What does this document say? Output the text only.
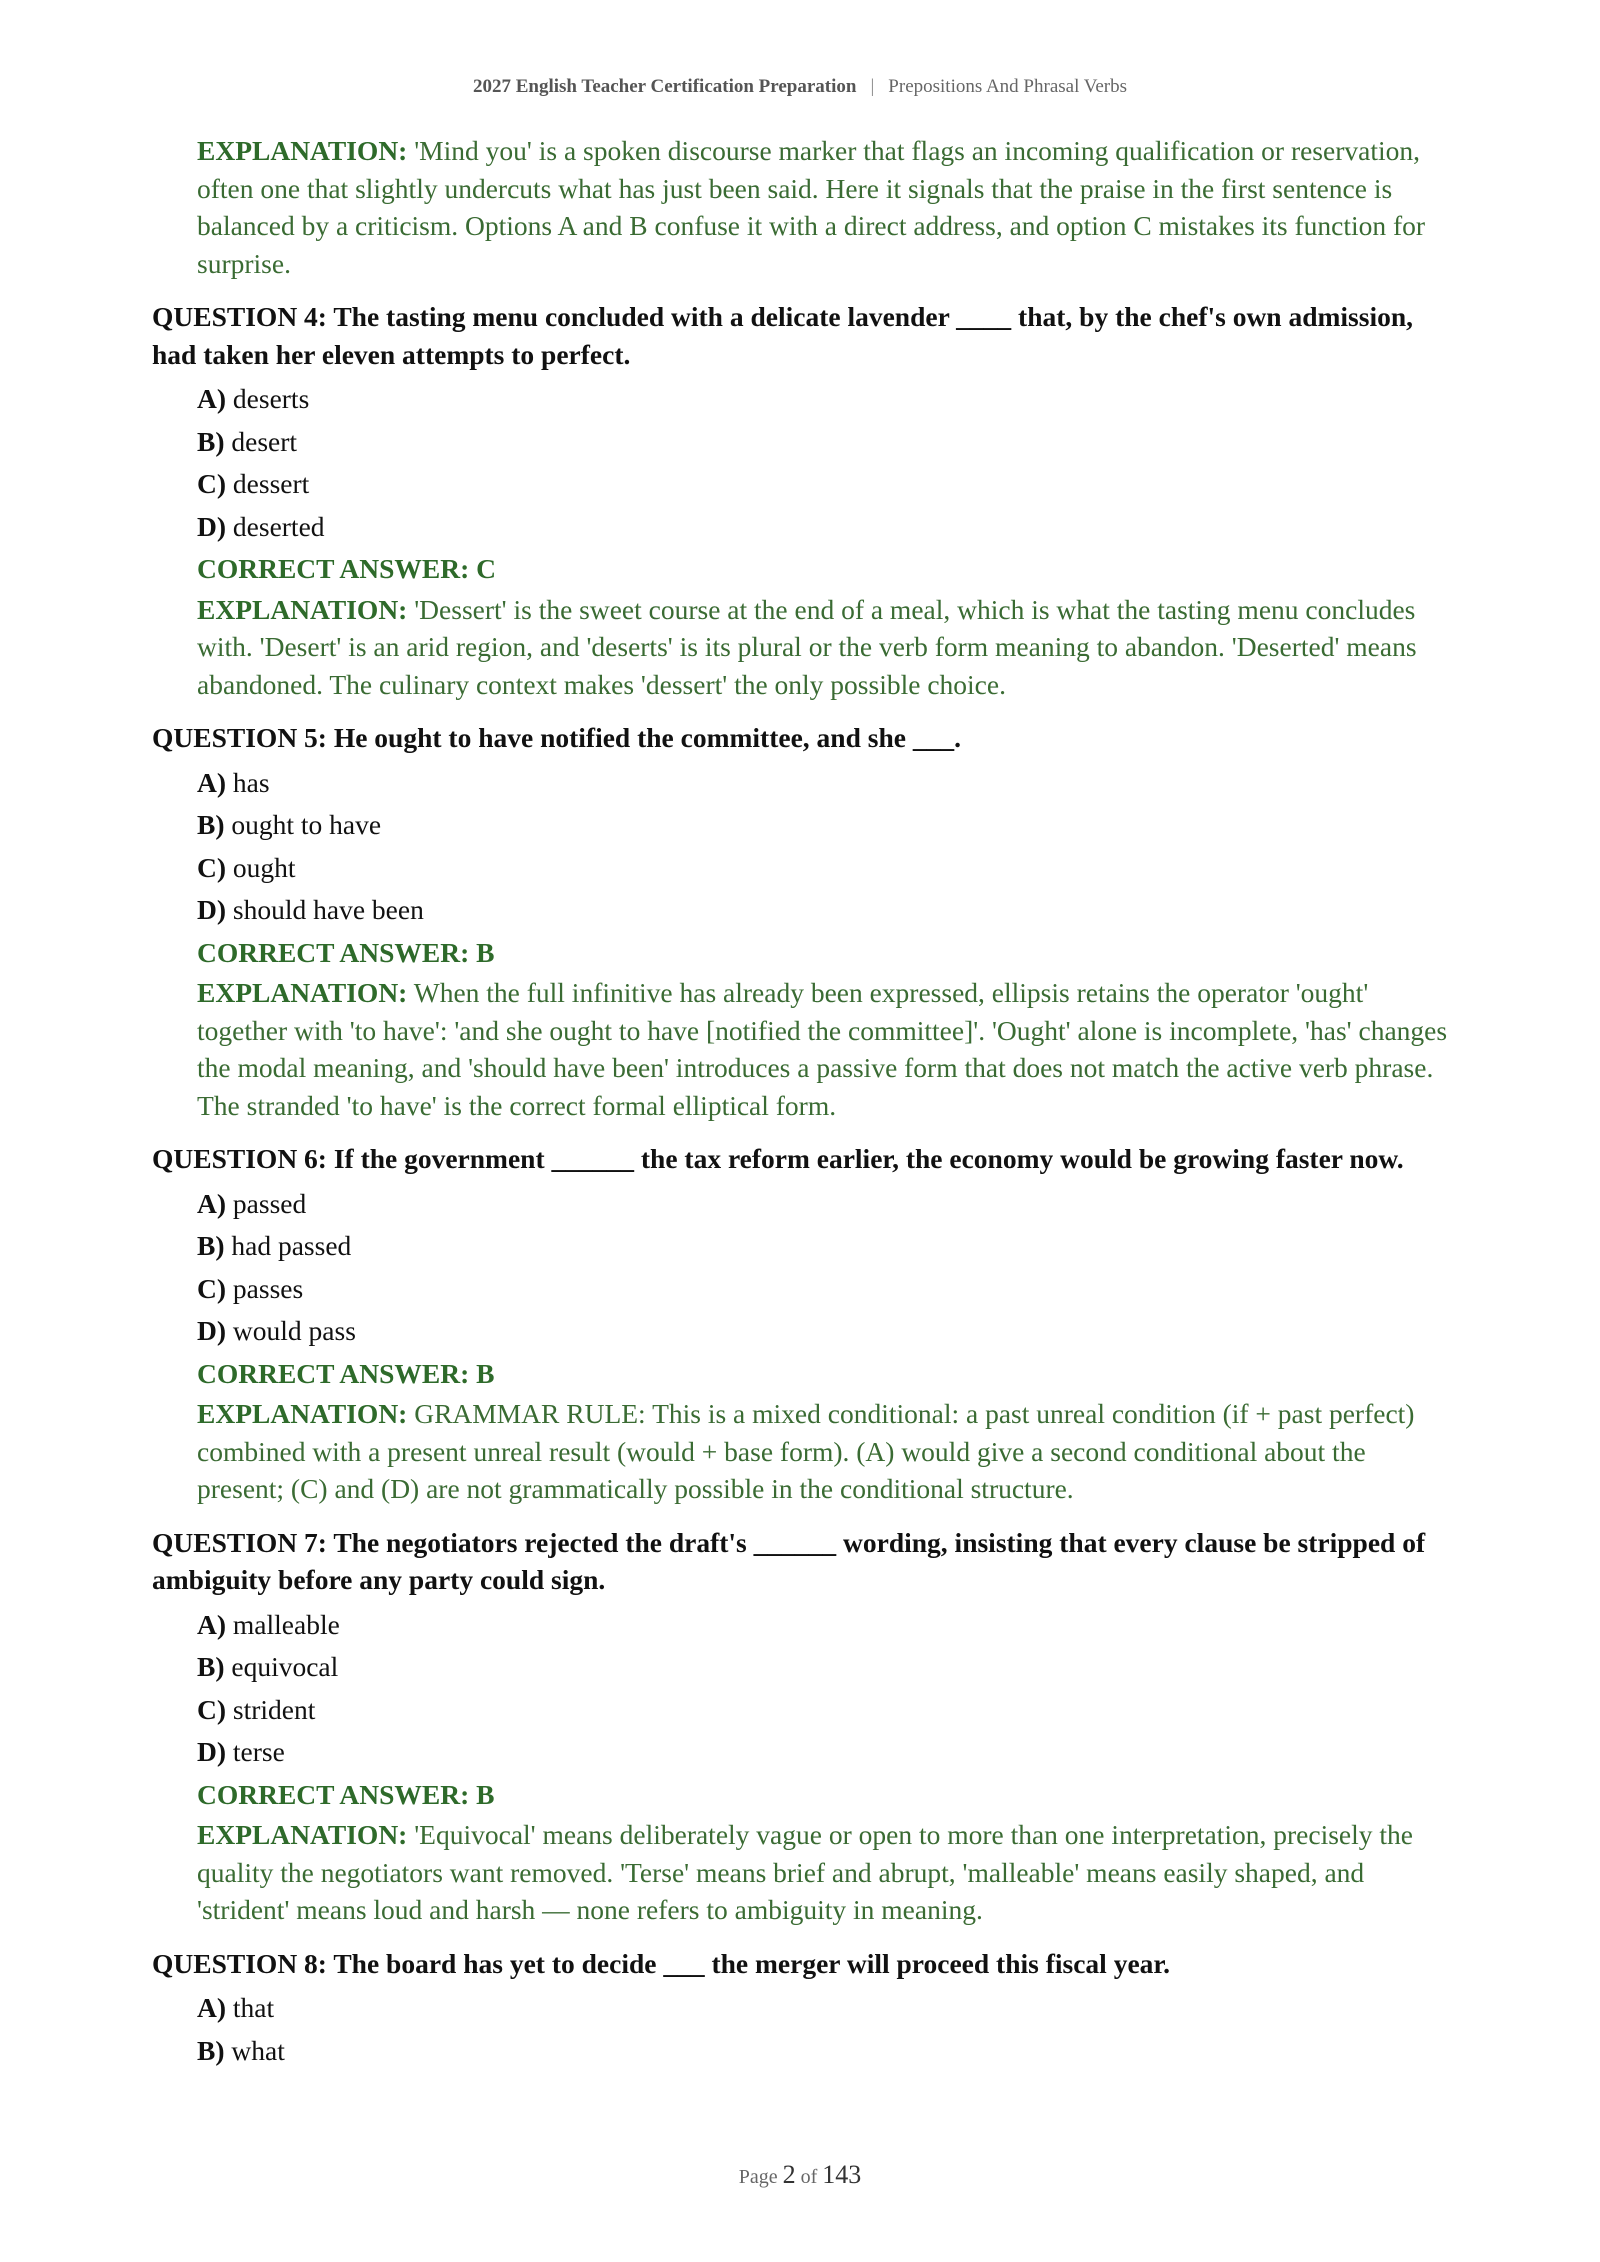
2027 English Teacher Certification Preparation | Prepositions And Phrasal Verbs
EXPLANATION: 'Mind you' is a spoken discourse marker that flags an incoming qualification or reservation, often one that slightly undercuts what has just been said. Here it signals that the praise in the first sentence is balanced by a criticism. Options A and B confuse it with a direct address, and option C mistakes its function for surprise.
QUESTION 4: The tasting menu concluded with a delicate lavender ____ that, by the chef's own admission, had taken her eleven attempts to perfect.
A) deserts
B) desert
C) dessert
D) deserted
CORRECT ANSWER: C
EXPLANATION: 'Dessert' is the sweet course at the end of a meal, which is what the tasting menu concludes with. 'Desert' is an arid region, and 'deserts' is its plural or the verb form meaning to abandon. 'Deserted' means abandoned. The culinary context makes 'dessert' the only possible choice.
QUESTION 5: He ought to have notified the committee, and she ___.
A) has
B) ought to have
C) ought
D) should have been
CORRECT ANSWER: B
EXPLANATION: When the full infinitive has already been expressed, ellipsis retains the operator 'ought' together with 'to have': 'and she ought to have [notified the committee]'. 'Ought' alone is incomplete, 'has' changes the modal meaning, and 'should have been' introduces a passive form that does not match the active verb phrase. The stranded 'to have' is the correct formal elliptical form.
QUESTION 6: If the government ______ the tax reform earlier, the economy would be growing faster now.
A) passed
B) had passed
C) passes
D) would pass
CORRECT ANSWER: B
EXPLANATION: GRAMMAR RULE: This is a mixed conditional: a past unreal condition (if + past perfect) combined with a present unreal result (would + base form). (A) would give a second conditional about the present; (C) and (D) are not grammatically possible in the conditional structure.
QUESTION 7: The negotiators rejected the draft's ______ wording, insisting that every clause be stripped of ambiguity before any party could sign.
A) malleable
B) equivocal
C) strident
D) terse
CORRECT ANSWER: B
EXPLANATION: 'Equivocal' means deliberately vague or open to more than one interpretation, precisely the quality the negotiators want removed. 'Terse' means brief and abrupt, 'malleable' means easily shaped, and 'strident' means loud and harsh — none refers to ambiguity in meaning.
QUESTION 8: The board has yet to decide ___ the merger will proceed this fiscal year.
A) that
B) what
Page 2 of 143
